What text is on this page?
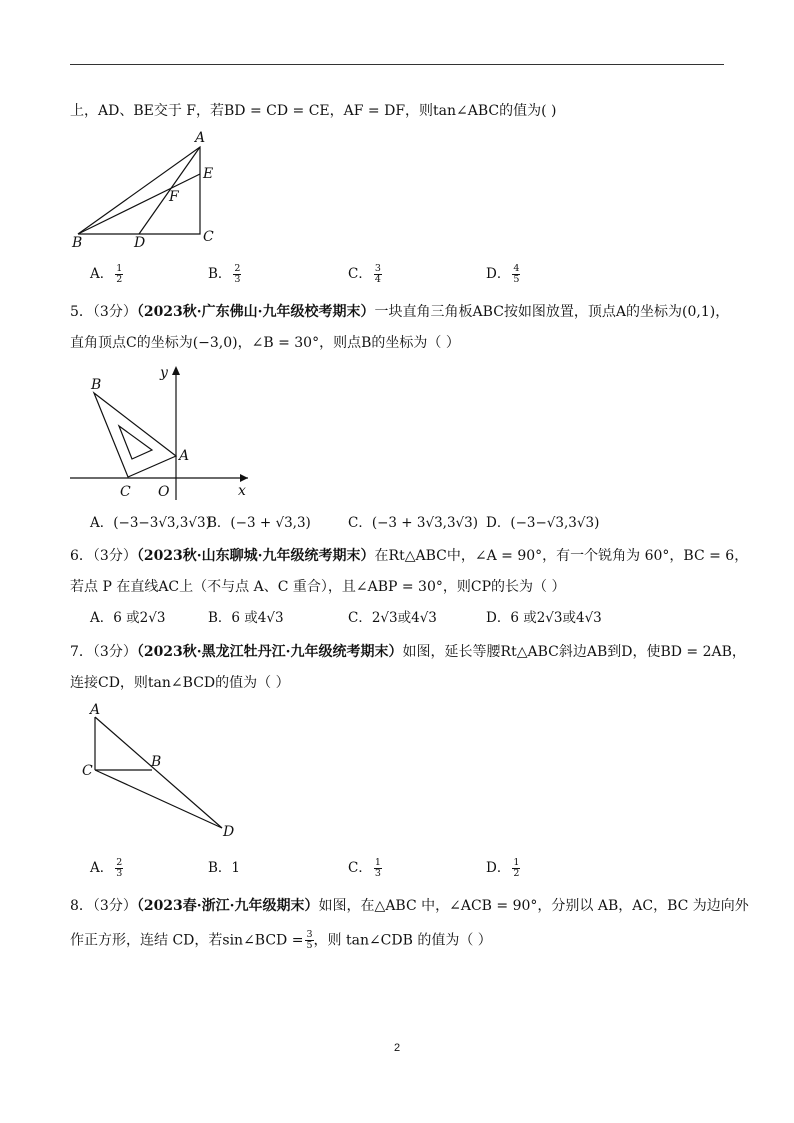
上，AD、BE交于 F，若BD = CD = CE，AF = DF，则tan∠ABC的值为( )
A
E
F
B	D	C
A． $\frac{1}{2}$	B． $\frac{2}{3}$	C． $\frac{3}{4}$	D． $\frac{4}{5}$
5．（3分）（2023秋·广东佛山·九年级校考期末）一块直角三角板ABC按如图放置，顶点A的坐标为(0,1)，
直角顶点C的坐标为(−3,0)，∠B = 30°，则点B的坐标为（ ）
y
B
A
C O	x
A．(−3−3√3,3√3)
B．(−3 + √3,3)	C．(−3 + 3√3,3√3) D．(−3−√3,3√3)
6．（3分）（2023秋·山东聊城·九年级统考期末）在Rt△ABC中，∠A = 90°，有一个锐角为 60°，BC = 6，
若点 P 在直线AC上（不与点 A、C 重合），且∠ABP = 30°，则CP的长为（ ）
A．6 或2√3	B．6 或4√3	C．2√3或4√3	D．6 或2√3或4√3
7．（3分）（2023秋·黑龙江牡丹江·九年级统考期末）如图，延长等腰Rt△ABC斜边AB到D，使BD = 2AB，
连接CD，则tan∠BCD的值为（ ）
A
C
B
D
A． $\frac{2}{3}$	B．1	C． $\frac{1}{3}$	D． $\frac{1}{2}$
8．（3分）（2023春·浙江·九年级期末）如图，在△ABC 中，∠ACB = 90°，分别以 AB，AC，BC 为边向外
作正方形，连结 CD，若sin∠BCD = $\frac{3}{5}$ ，则 tan∠CDB 的值为（ ）
2
